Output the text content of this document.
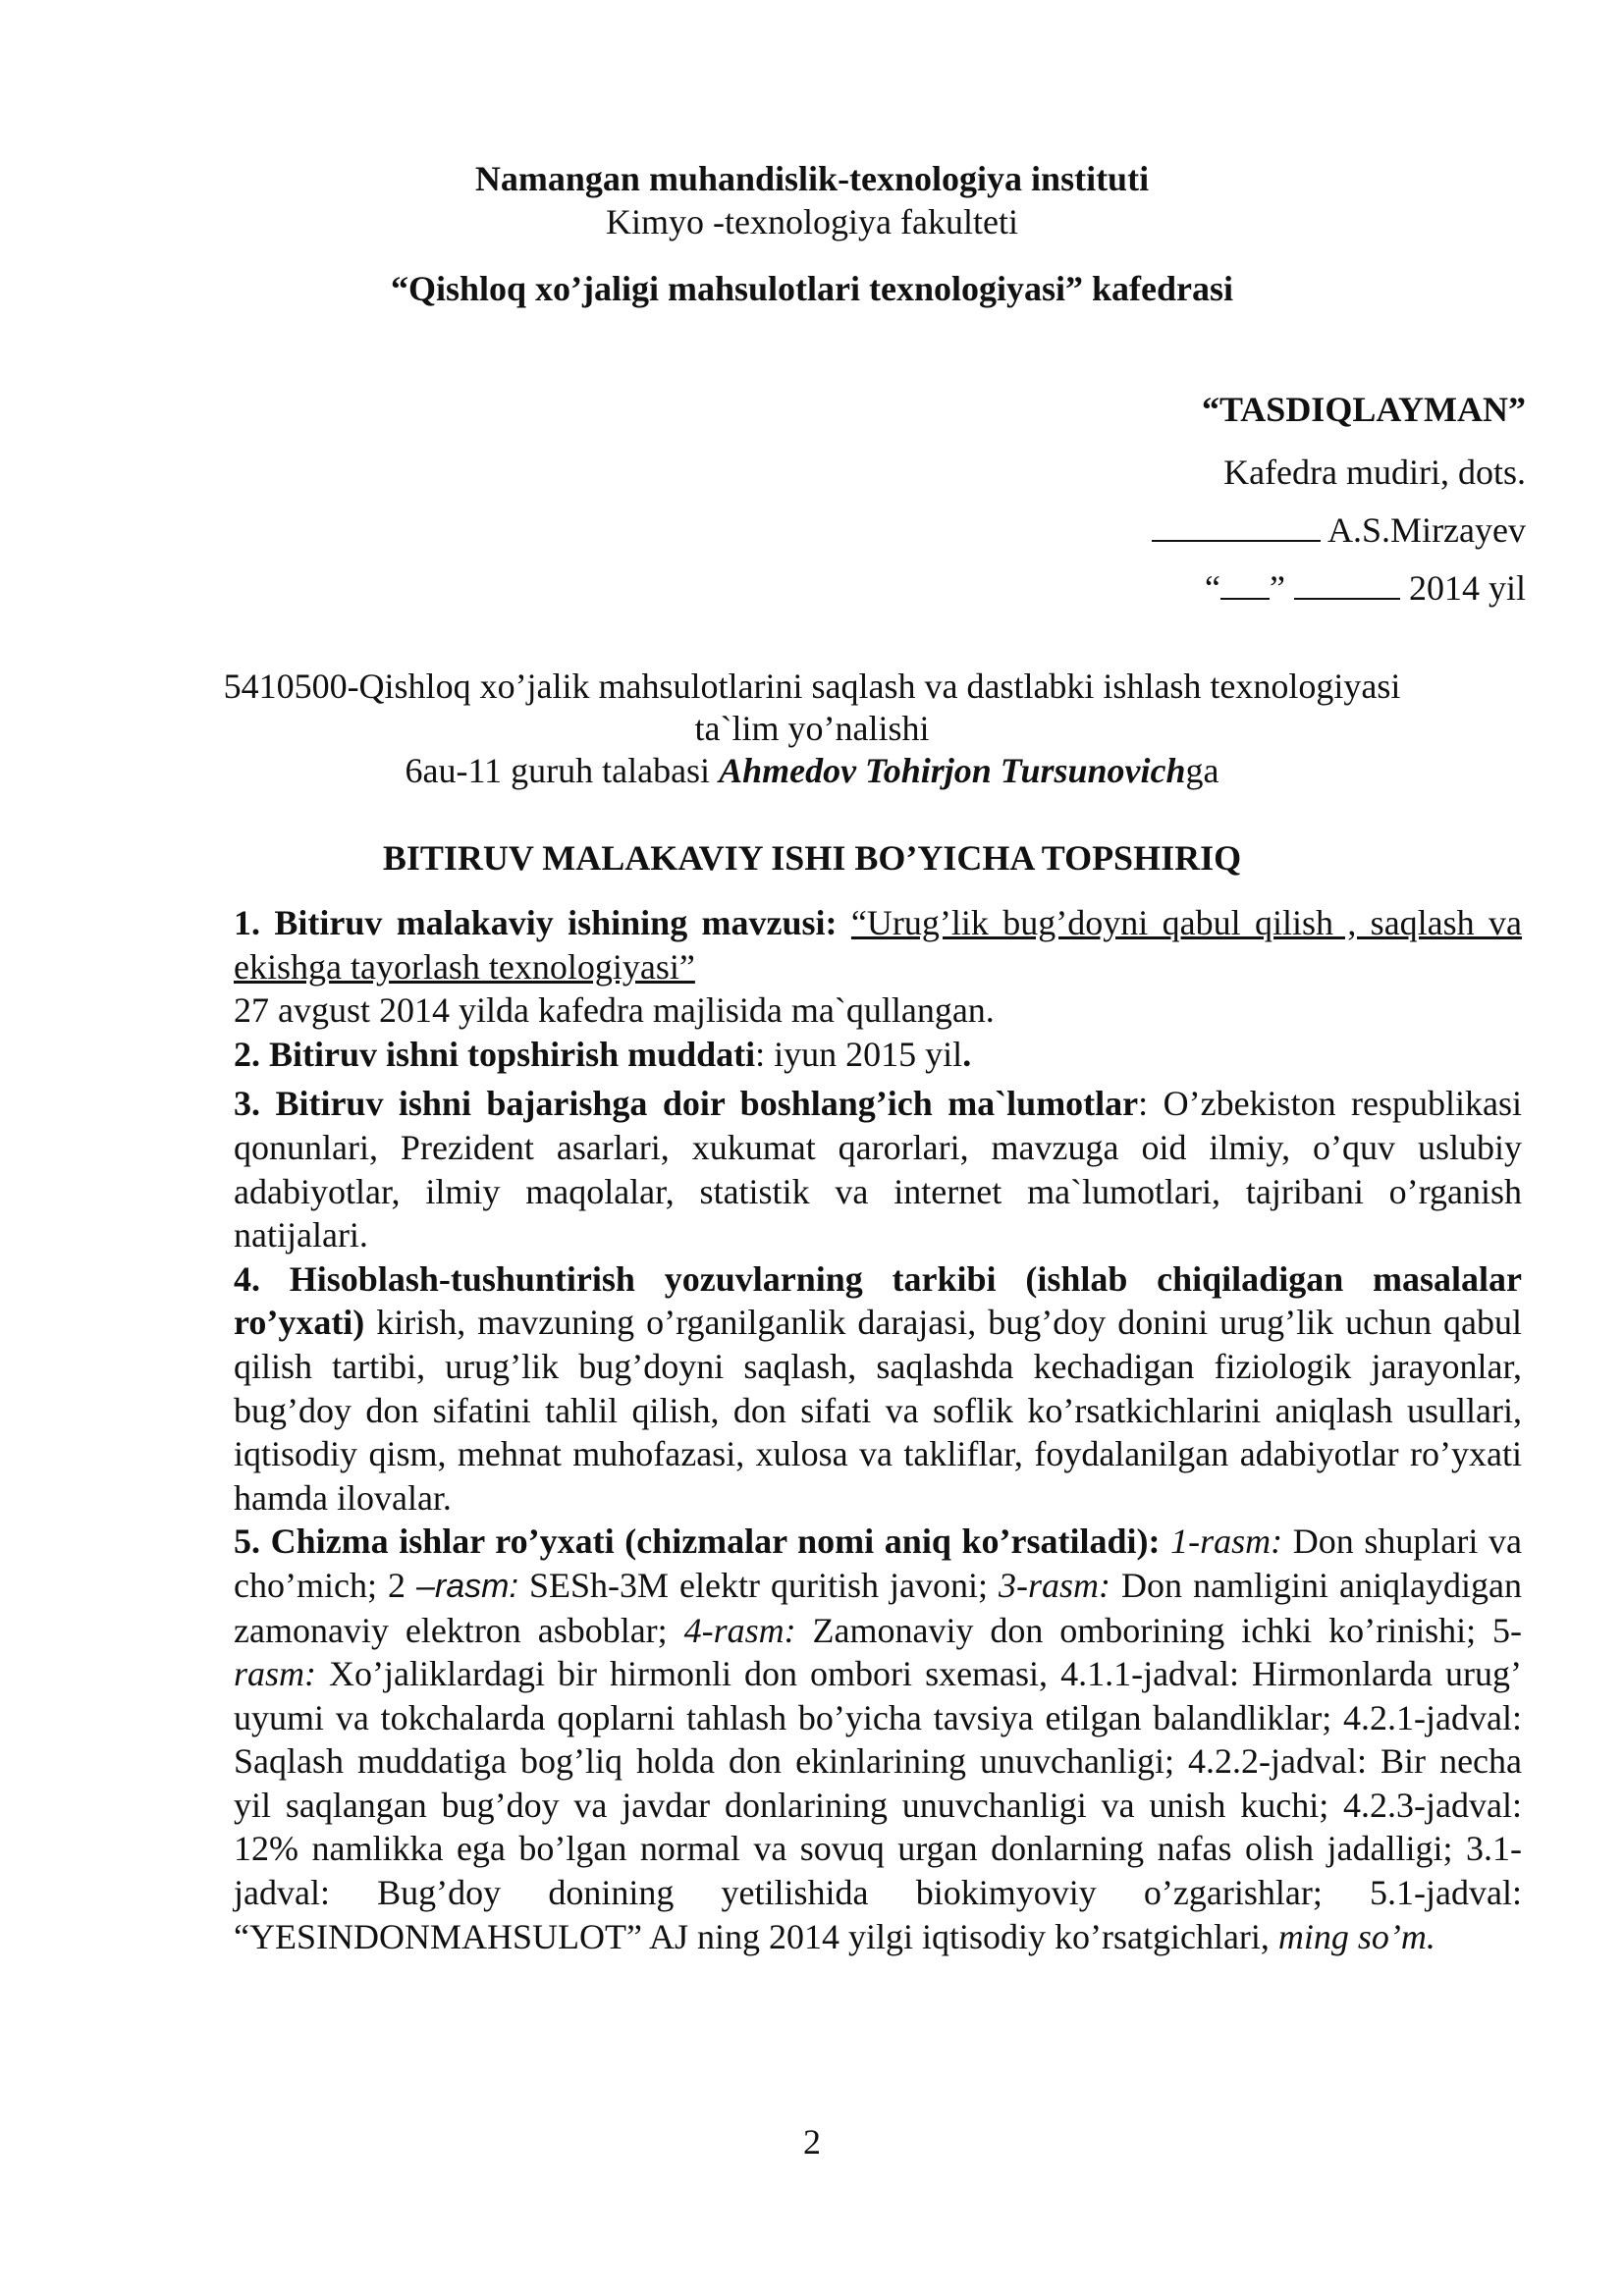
Namangan muhandislik-texnologiya instituti
Kimyo -texnologiya fakulteti
“Qishloq xo’jaligi mahsulotlari texnologiyasi” kafedrasi
“TASDIQLAYMAN”
Kafedra mudiri, dots.
A.S.Mirzayev
“ ”	2014 yil
5410500-Qishloq xo’jalik mahsulotlarini saqlash va dastlabki ishlash texnologiyasi
ta`lim yo’nalishi
6au-11 guruh talabasi Ahmedov Tohirjon Tursunovichga
BITIRUV MALAKAVIY ISHI BO’YICHA TOPSHIRIQ

1. Bitiruv malakaviy ishining mavzusi: “Urug’lik bug’doyni qabul qilish , saqlash va ekishga tayorlash texnologiyasi”

27 avgust 2014 yilda kafedra majlisida ma`qullangan.

2. Bitiruv ishni topshirish muddati: iyun 2015 yil.

3. Bitiruv ishni bajarishga doir boshlang’ich ma`lumotlar: O’zbekiston respublikasi qonunlari, Prezident asarlari, xukumat qarorlari, mavzuga oid ilmiy, o’quv uslubiy adabiyotlar, ilmiy maqolalar, statistik va internet ma`lumotlari, tajribani o’rganish natijalari.

4. Hisoblash-tushuntirish yozuvlarning tarkibi (ishlab chiqiladigan masalalar ro’yxati) kirish, mavzuning o’rganilganlik darajasi, bug’doy donini urug’lik uchun qabul qilish tartibi, urug’lik bug’doyni saqlash, saqlashda kechadigan fiziologik jarayonlar, bug’doy don sifatini tahlil qilish, don sifati va soflik ko’rsatkichlarini aniqlash usullari, iqtisodiy qism, mehnat muhofazasi, xulosa va takliflar, foydalanilgan adabiyotlar ro’yxati hamda ilovalar.

5. Chizma ishlar ro’yxati (chizmalar nomi aniq ko’rsatiladi): 1-rasm: Don shuplari va cho’mich; 2 –rasm: SESh-3M elektr quritish javoni; 3-rasm: Don namligini aniqlaydigan zamonaviy elektron asboblar; 4-rasm: Zamonaviy don omborining ichki ko’rinishi; 5-rasm: Xo’jaliklardagi bir hirmonli don ombori sxemasi, 4.1.1-jadval: Hirmonlarda urug’ uyumi va tokchalarda qoplarni tahlash bo’yicha tavsiya etilgan balandliklar; 4.2.1-jadval: Saqlash muddatiga bog’liq holda don ekinlarining unuvchanligi; 4.2.2-jadval: Bir necha yil saqlangan bug’doy va javdar donlarining unuvchanligi va unish kuchi; 4.2.3-jadval: 12% namlikka ega bo’lgan normal va sovuq urgan donlarning nafas olish jadalligi; 3.1-jadval: Bug’doy donining yetilishida biokimyoviy o’zgarishlar; 5.1-jadval: “YESINDONMAHSULOT” AJ ning 2014 yilgi iqtisodiy ko’rsatgichlari, ming so’m.

2
